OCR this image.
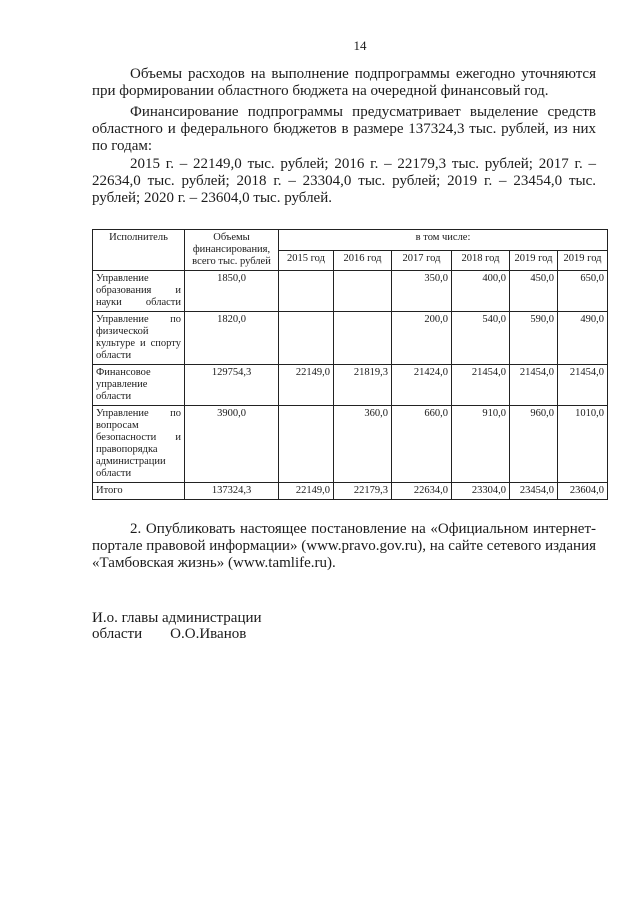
14
Объемы расходов на выполнение подпрограммы ежегодно уточняются при формировании областного бюджета на очередной финансовый год.
Финансирование подпрограммы предусматривает выделение средств областного и федерального бюджетов в размере 137324,3 тыс. рублей, из них по годам:
2015 г. – 22149,0 тыс. рублей; 2016 г. – 22179,3 тыс. рублей; 2017 г. – 22634,0 тыс. рублей; 2018 г. – 23304,0 тыс. рублей; 2019 г. – 23454,0 тыс. рублей; 2020 г. – 23604,0 тыс. рублей.
Исполнитель	Объемы финансирования, всего тыс. рублей	в том числе:					
		2015 год	2016 год	2017 год	2018 год	2019 год	2019 год
Управление образования и науки области	1850,0			350,0	400,0	450,0	650,0
Управление по физической культуре и спорту области	1820,0			200,0	540,0	590,0	490,0
Финансовое управление области	129754,3	22149,0	21819,3	21424,0	21454,0	21454,0	21454,0
Управление по вопросам безопасности и правопорядка администрации области	3900,0		360,0	660,0	910,0	960,0	1010,0
Итого	137324,3	22149,0	22179,3	22634,0	23304,0	23454,0	23604,0
2. Опубликовать настоящее постановление на «Официальном интернет-портале правовой информации» (www.pravo.gov.ru), на сайте сетевого издания «Тамбовская жизнь» (www.tamlife.ru).
И.о. главы администрации
области О.О.Иванов
